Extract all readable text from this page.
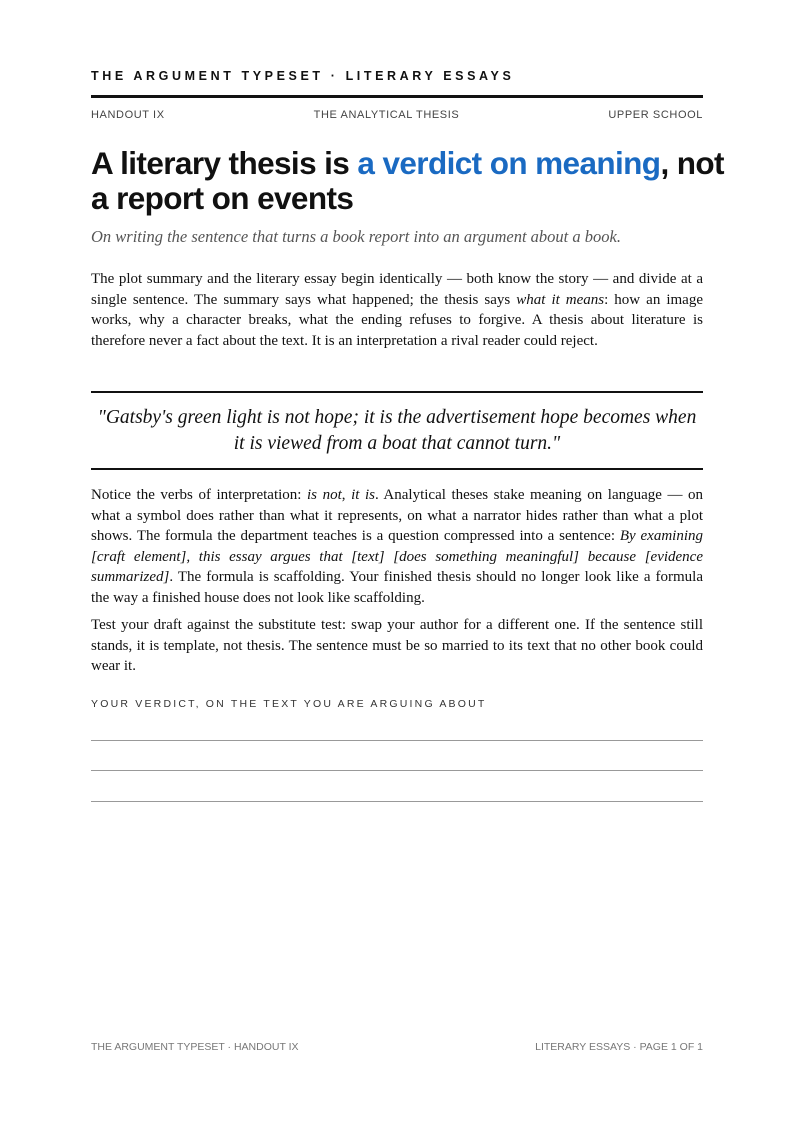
THE ARGUMENT TYPESET · LITERARY ESSAYS
HANDOUT IX	THE ANALYTICAL THESIS	UPPER SCHOOL
A literary thesis is a verdict on meaning, not a report on events

On writing the sentence that turns a book report into an argument about a book.

The plot summary and the literary essay begin identically — both know the story — and divide at a single sentence. The summary says what happened; the thesis says what it means: how an image works, why a character breaks, what the ending refuses to forgive. A thesis about literature is therefore never a fact about the text. It is an interpretation a rival reader could reject.

"Gatsby's green light is not hope; it is the advertisement hope becomes when it is viewed from a boat that cannot turn."

Notice the verbs of interpretation: is not, it is. Analytical theses stake meaning on language — on what a symbol does rather than what it represents, on what a narrator hides rather than what a plot shows. The formula the department teaches is a question compressed into a sentence: By examining [craft element], this essay argues that [text] [does something meaningful] because [evidence summarized]. The formula is scaffolding. Your finished thesis should no longer look like a formula the way a finished house does not look like scaffolding.

Test your draft against the substitute test: swap your author for a different one. If the sentence still stands, it is template, not thesis. The sentence must be so married to its text that no other book could wear it.

YOUR VERDICT, ON THE TEXT YOU ARE ARGUING ABOUT
THE ARGUMENT TYPESET · HANDOUT IX	LITERARY ESSAYS · PAGE 1 OF 1
